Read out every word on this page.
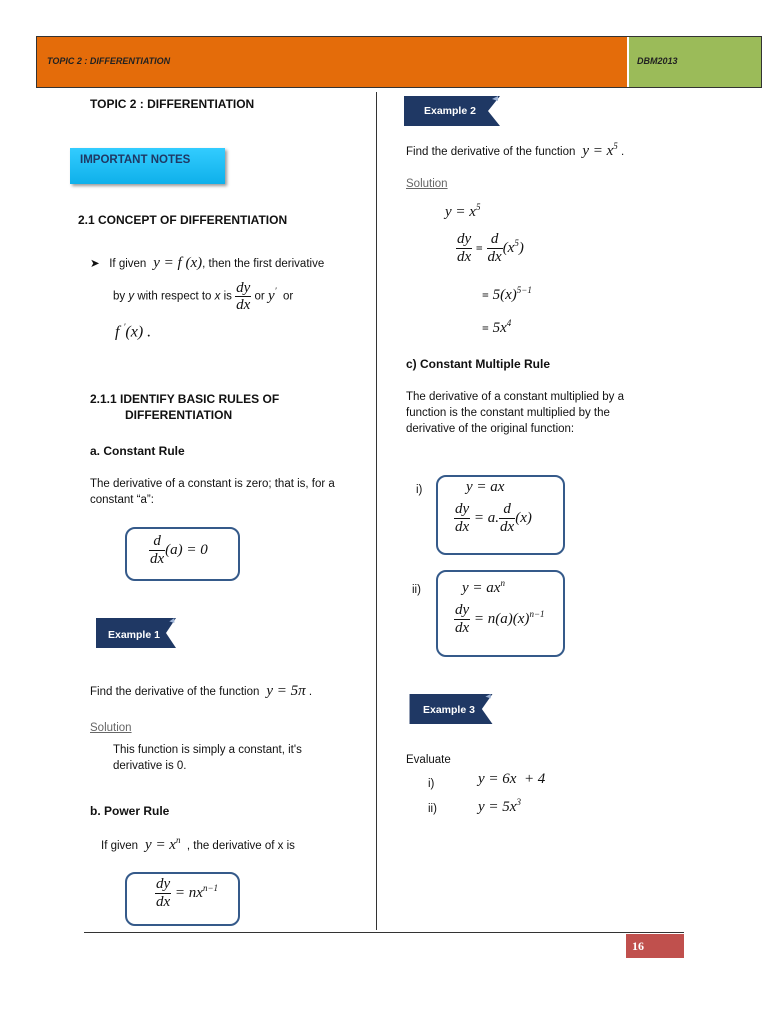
TOPIC 2 : DIFFERENTIATION	DBM2013
TOPIC 2 : DIFFERENTIATION
IMPORTANT NOTES
2.1 CONCEPT OF DIFFERENTIATION
➤ If given  y = f (x), then the first derivative
by y with respect to x is $\frac{dy}{dx}$ or y′ or
f ′(x) .
2.1.1 IDENTIFY BASIC RULES OF
DIFFERENTIATION
a. Constant Rule
The derivative of a constant is zero; that is, for a constant “a”:
$\frac{d}{dx} (a) = 0$
Example 1
Find the derivative of the function  y = 5π .
Solution
This function is simply a constant, it's derivative is 0.
b. Power Rule
If given  $y = x^n$ , the derivative of x is
$\frac{dy}{dx} = nx^{n-1}$
Example 2
Find the derivative of the function  $y = x^5$ .
Solution
$y = x^5$
$\frac{dy}{dx} = \frac{d}{dx} (x^5)$
= $5(x)^{5-1}$
= $5x^4$
c) Constant Multiple Rule
The derivative of a constant multiplied by a function is the constant multiplied by the derivative of the original function:
i)	y = ax
$\frac{dy}{dx} = a$. $\frac{d}{dx} (x)$
ii)	$y = ax^n$
$\frac{dy}{dx} = n(a)(x)^{n-1}$
Example 3
Evaluate
i)	y = 6x  + 4
ii)	$y = 5x^3$
16
